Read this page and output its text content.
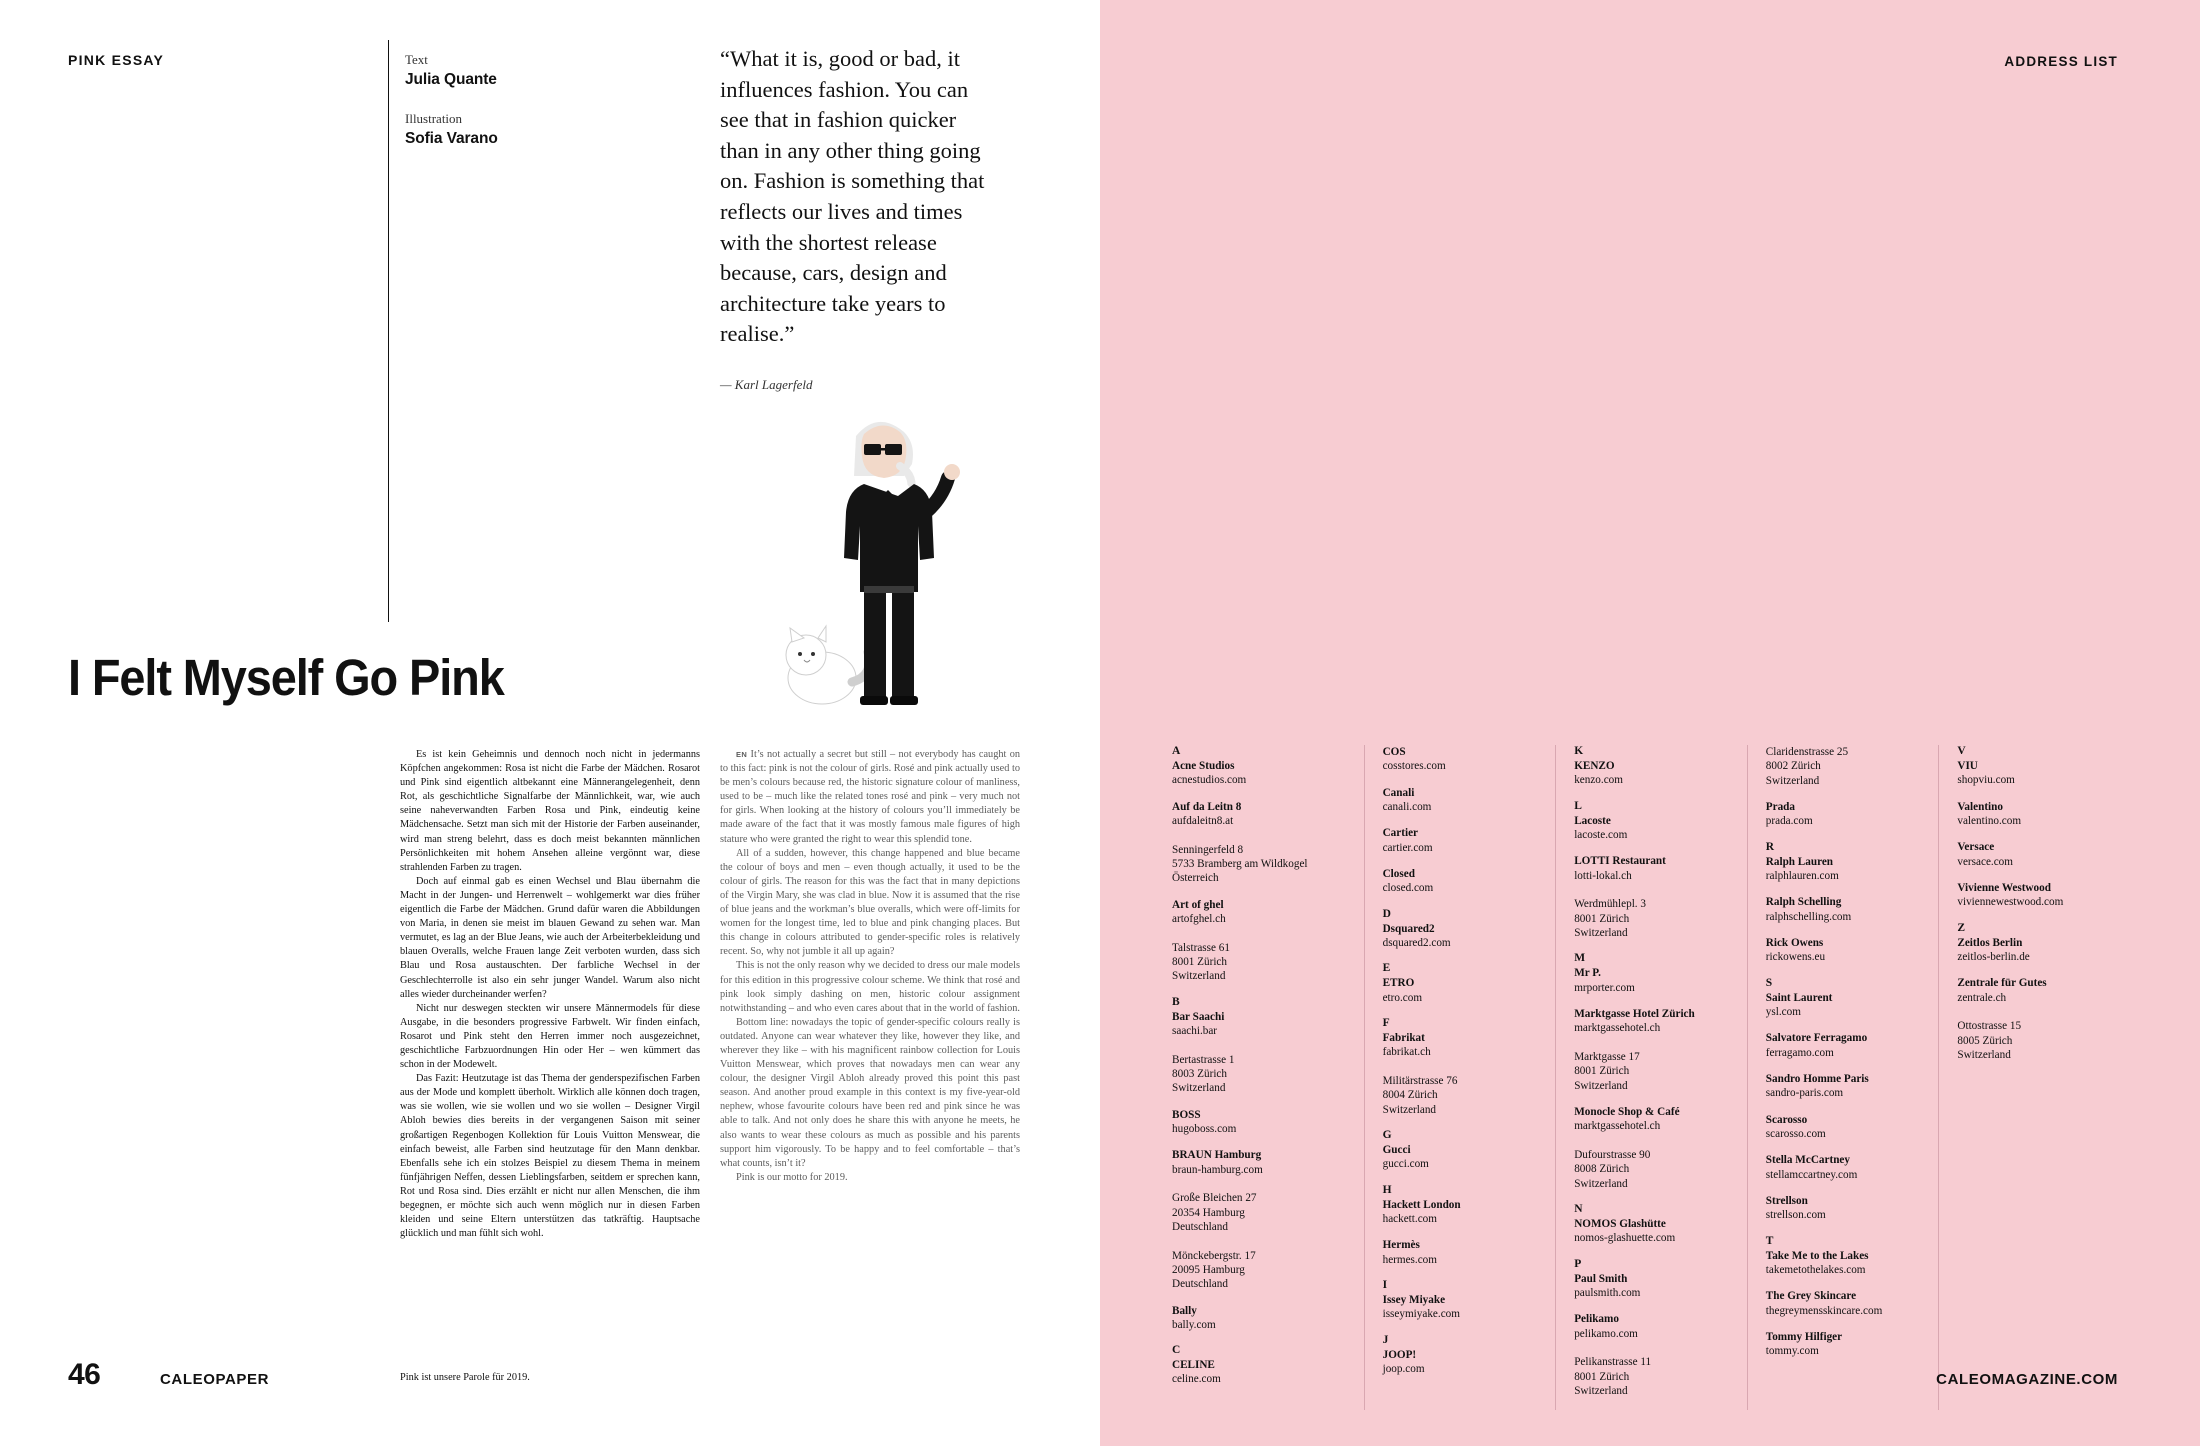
PINK ESSAY	Text
Julia Quante
Illustration
Sofia Varano
“What it is, good or bad, it influences fashion. You can see that in fashion quicker than in any other thing going on. Fashion is something that reflects our lives and times with the shortest release because, cars, design and architecture take years to realise.”
— Karl Lagerfeld
I Felt Myself Go Pink

Es ist kein Geheimnis und dennoch noch nicht in jedermanns Köpfchen angekommen: Rosa ist nicht die Farbe der Mädchen. Rosarot und Pink sind eigentlich altbekannt eine Männerangelegenheit, denn Rot, als geschichtliche Signalfarbe der Männlichkeit, war, wie auch seine naheverwandten Farben Rosa und Pink, eindeutig keine Mädchensache. Setzt man sich mit der Historie der Farben auseinander, wird man streng belehrt, dass es doch meist bekannten männlichen Persönlichkeiten mit hohem Ansehen alleine vergönnt war, diese strahlenden Farben zu tragen.

Doch auf einmal gab es einen Wechsel und Blau übernahm die Macht in der Jungen- und Herrenwelt – wohlgemerkt war dies früher eigentlich die Farbe der Mädchen. Grund dafür waren die Abbildungen von Maria, in denen sie meist im blauen Gewand zu sehen war. Man vermutet, es lag an der Blue Jeans, wie auch der Arbeiterbekleidung und blauen Overalls, welche Frauen lange Zeit verboten wurden, dass sich Blau und Rosa austauschten. Der farbliche Wechsel in der Geschlechterrolle ist also ein sehr junger Wandel. Warum also nicht alles wieder durcheinander werfen?

Nicht nur deswegen steckten wir unsere Männermodels für diese Ausgabe, in die besonders progressive Farbwelt. Wir finden einfach, Rosarot und Pink steht den Herren immer noch ausgezeichnet, geschichtliche Farbzuordnungen Hin oder Her – wen kümmert das schon in der Modewelt.

Das Fazit: Heutzutage ist das Thema der genderspezifischen Farben aus der Mode und komplett überholt. Wirklich alle können doch tragen, was sie wollen, wie sie wollen und wo sie wollen – Designer Virgil Abloh bewies dies bereits in der vergangenen Saison mit seiner großartigen Regenbogen Kollektion für Louis Vuitton Menswear, die einfach beweist, alle Farben sind heutzutage für den Mann denkbar. Ebenfalls sehe ich ein stolzes Beispiel zu diesem Thema in meinem fünfjährigen Neffen, dessen Lieblingsfarben, seitdem er sprechen kann, Rot und Rosa sind. Dies erzählt er nicht nur allen Menschen, die ihm begegnen, er möchte sich auch wenn möglich nur in diesen Farben kleiden und seine Eltern unterstützen das tatkräftig. Hauptsache glücklich und man fühlt sich wohl.

Pink ist unsere Parole für 2019.

EN It’s not actually a secret but still – not everybody has caught on to this fact: pink is not the colour of girls. Rosé and pink actually used to be men’s colours because red, the historic signature colour of manliness, used to be – much like the related tones rosé and pink – very much not for girls. When looking at the history of colours you’ll immediately be made aware of the fact that it was mostly famous male figures of high stature who were granted the right to wear this splendid tone.

All of a sudden, however, this change happened and blue became the colour of boys and men – even though actually, it used to be the colour of girls. The reason for this was the fact that in many depictions of the Virgin Mary, she was clad in blue. Now it is assumed that the rise of blue jeans and the workman’s blue overalls, which were off-limits for women for the longest time, led to blue and pink changing places. But this change in colours attributed to gender-specific roles is relatively recent. So, why not jumble it all up again?

This is not the only reason why we decided to dress our male models for this edition in this progressive colour scheme. We think that rosé and pink look simply dashing on men, historic colour assignment notwithstanding – and who even cares about that in the world of fashion.

Bottom line: nowadays the topic of gender-specific colours really is outdated. Anyone can wear whatever they like, however they like, and wherever they like – with his magnificent rainbow collection for Louis Vuitton Menswear, which proves that nowadays men can wear any colour, the designer Virgil Abloh already proved this point this past season. And another proud example in this context is my five-year-old nephew, whose favourite colours have been red and pink since he was able to talk. And not only does he share this with anyone he meets, he also wants to wear these colours as much as possible and his parents support him vigorously. To be happy and to feel comfortable – that’s what counts, isn’t it?

Pink is our motto for 2019.

46	CALEOPAPER
ADDRESS LIST
A
Acne Studios
acnestudios.com
Auf da Leitn 8
aufdaleitn8.at

Senningerfeld 8
5733 Bramberg am Wildkogel
Österreich
Art of ghel
artofghel.ch

Talstrasse 61
8001 Zürich
Switzerland
B
Bar Saachi
saachi.bar

Bertastrasse 1
8003 Zürich
Switzerland
BOSS
hugoboss.com
BRAUN Hamburg
braun-hamburg.com

Große Bleichen 27
20354 Hamburg
Deutschland

Mönckebergstr. 17
20095 Hamburg
Deutschland
Bally
bally.com
C
CELINE
celine.com
COS
cosstores.com
Canali
canali.com
Cartier
cartier.com
Closed
closed.com
D
Dsquared2
dsquared2.com
E
ETRO
etro.com
F
Fabrikat
fabrikat.ch

Militärstrasse 76
8004 Zürich
Switzerland
G
Gucci
gucci.com
H
Hackett London
hackett.com
Hermès
hermes.com
I
Issey Miyake
isseymiyake.com
J
JOOP!
joop.com
K
KENZO
kenzo.com
L
Lacoste
lacoste.com
LOTTI Restaurant
lotti-lokal.ch

Werdmühlepl. 3
8001 Zürich
Switzerland
M
Mr P.
mrporter.com
Marktgasse Hotel Zürich
marktgassehotel.ch

Marktgasse 17
8001 Zürich
Switzerland
Monocle Shop & Café
marktgassehotel.ch

Dufourstrasse 90
8008 Zürich
Switzerland
N
NOMOS Glashütte
nomos-glashuette.com
P
Paul Smith
paulsmith.com
Pelikamo
pelikamo.com

Pelikanstrasse 11
8001 Zürich
Switzerland
Claridenstrasse 25
8002 Zürich
Switzerland
Prada
prada.com
R
Ralph Lauren
ralphlauren.com
Ralph Schelling
ralphschelling.com
Rick Owens
rickowens.eu
S
Saint Laurent
ysl.com
Salvatore Ferragamo
ferragamo.com
Sandro Homme Paris
sandro-paris.com
Scarosso
scarosso.com
Stella McCartney
stellamccartney.com
Strellson
strellson.com
T
Take Me to the Lakes
takemetothelakes.com
The Grey Skincare
thegreymensskincare.com
Tommy Hilfiger
tommy.com
V
VIU
shopviu.com
Valentino
valentino.com
Versace
versace.com
Vivienne Westwood
viviennewestwood.com
Z
Zeitlos Berlin
zeitlos-berlin.de
Zentrale für Gutes
zentrale.ch

Ottostrasse 15
8005 Zürich
Switzerland
CALEOMAGAZINE.COM
